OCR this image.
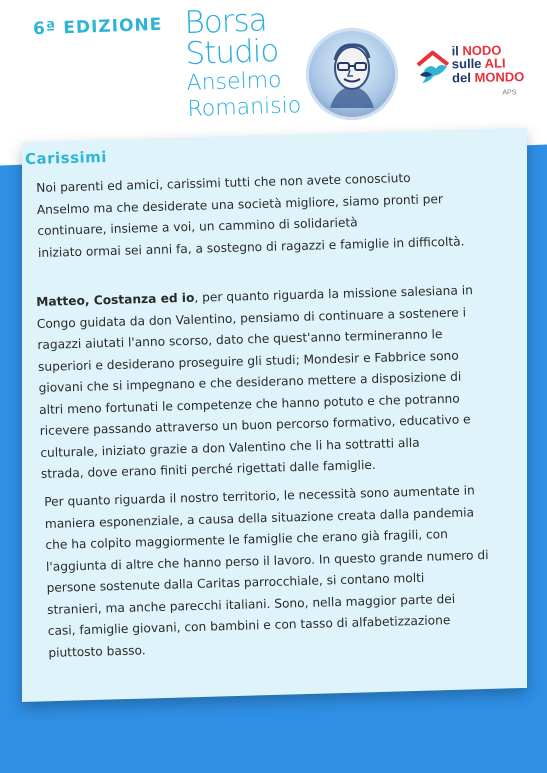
6ª EDIZIONE Borsa
Studio
Anselmo
Romanisio
il NODO
sulle ALI
del MONDO
APS
Carissimi
Noi parenti ed amici, carissimi tutti che non avete conosciuto
Anselmo ma che desiderate una società migliore, siamo pronti per
continuare, insieme a voi, un cammino di solidarietà
iniziato ormai sei anni fa, a sostegno di ragazzi e famiglie in difficoltà.
Matteo, Costanza ed io, per quanto riguarda la missione salesiana in
Congo guidata da don Valentino, pensiamo di continuare a sostenere i
ragazzi aiutati l'anno scorso, dato che quest'anno termineranno le
superiori e desiderano proseguire gli studi; Mondesir e Fabbrice sono
giovani che si impegnano e che desiderano mettere a disposizione di
altri meno fortunati le competenze che hanno potuto e che potranno
ricevere passando attraverso un buon percorso formativo, educativo e
culturale, iniziato grazie a don Valentino che li ha sottratti alla
strada, dove erano finiti perché rigettati dalle famiglie.
Per quanto riguarda il nostro territorio, le necessità sono aumentate in
maniera esponenziale, a causa della situazione creata dalla pandemia
che ha colpito maggiormente le famiglie che erano già fragili, con
l'aggiunta di altre che hanno perso il lavoro. In questo grande numero di
persone sostenute dalla Caritas parrocchiale, si contano molti
stranieri, ma anche parecchi italiani. Sono, nella maggior parte dei
casi, famiglie giovani, con bambini e con tasso di alfabetizzazione
piuttosto basso.
